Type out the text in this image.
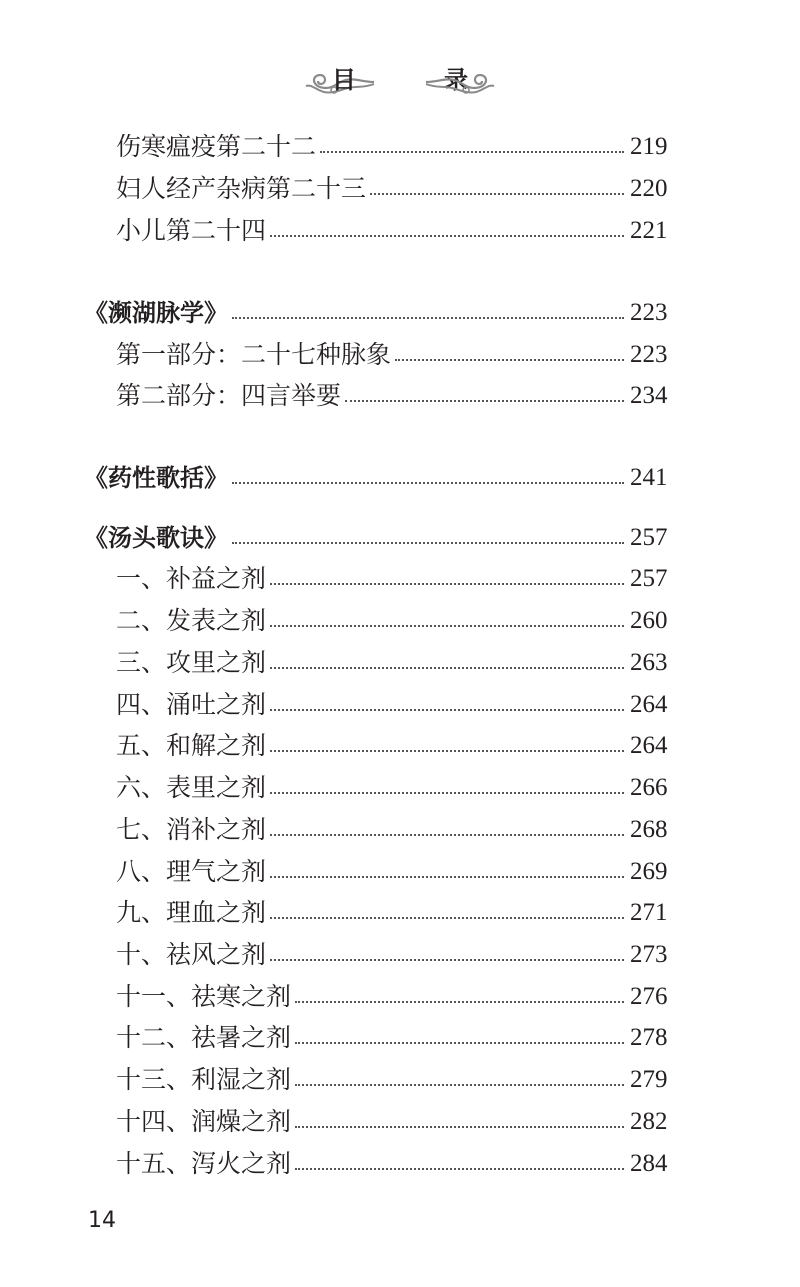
目 录
伤寒瘟疫第二十二	219
妇人经产杂病第二十三	220
小儿第二十四	221
《濒湖脉学》	223
第一部分：二十七种脉象	223
第二部分：四言举要	234
《药性歌括》	241
《汤头歌诀》	257
一、补益之剂	257
二、发表之剂	260
三、攻里之剂	263
四、涌吐之剂	264
五、和解之剂	264
六、表里之剂	266
七、消补之剂	268
八、理气之剂	269
九、理血之剂	271
十、祛风之剂	273
十一、祛寒之剂	276
十二、祛暑之剂	278
十三、利湿之剂	279
十四、润燥之剂	282
十五、泻火之剂	284
14
